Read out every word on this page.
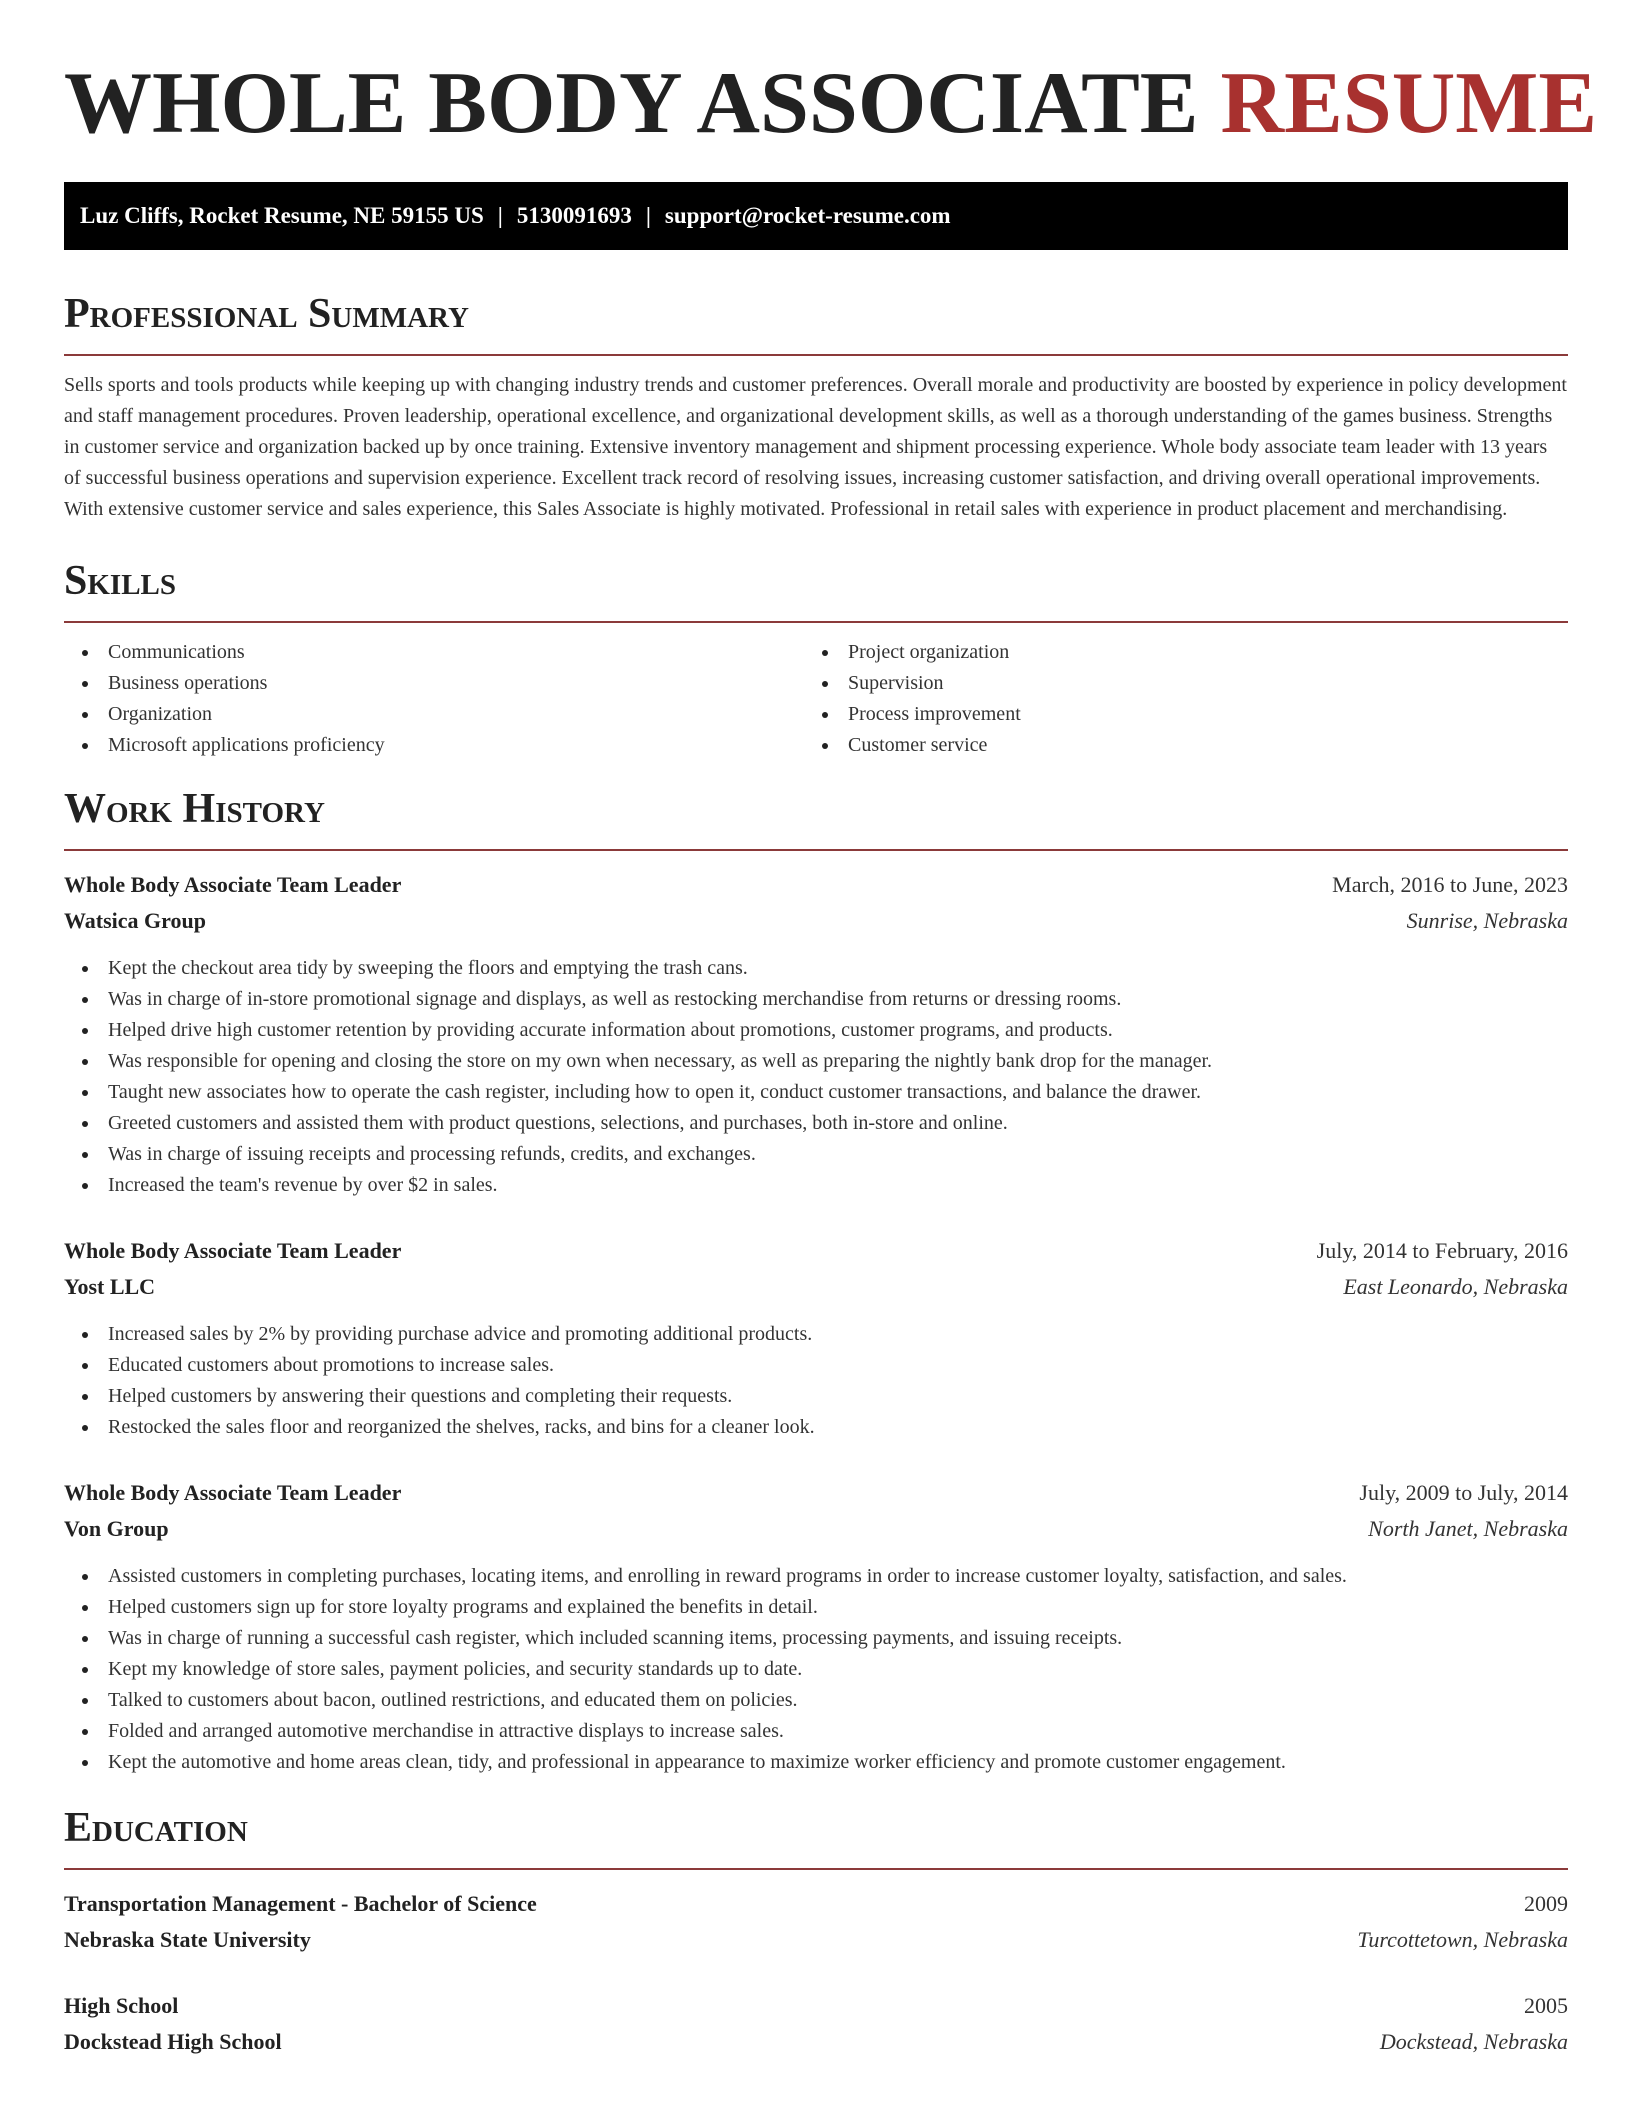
WHOLE BODY ASSOCIATE RESUME
Luz Cliffs, Rocket Resume, NE 59155 US | 5130091693 | support@rocket-resume.com
Professional Summary

Sells sports and tools products while keeping up with changing industry trends and customer preferences. Overall morale and productivity are boosted by experience in policy development and staff management procedures. Proven leadership, operational excellence, and organizational development skills, as well as a thorough understanding of the games business. Strengths in customer service and organization backed up by once training. Extensive inventory management and shipment processing experience. Whole body associate team leader with 13 years of successful business operations and supervision experience. Excellent track record of resolving issues, increasing customer satisfaction, and driving overall operational improvements. With extensive customer service and sales experience, this Sales Associate is highly motivated. Professional in retail sales with experience in product placement and merchandising.

Skills
Communications
Business operations
Organization
Microsoft applications proficiency
Project organization
Supervision
Process improvement
Customer service
Work History
Whole Body Associate Team Leader	March, 2016 to June, 2023
Watsica Group	Sunrise, Nebraska
Kept the checkout area tidy by sweeping the floors and emptying the trash cans.
Was in charge of in-store promotional signage and displays, as well as restocking merchandise from returns or dressing rooms.
Helped drive high customer retention by providing accurate information about promotions, customer programs, and products.
Was responsible for opening and closing the store on my own when necessary, as well as preparing the nightly bank drop for the manager.
Taught new associates how to operate the cash register, including how to open it, conduct customer transactions, and balance the drawer.
Greeted customers and assisted them with product questions, selections, and purchases, both in-store and online.
Was in charge of issuing receipts and processing refunds, credits, and exchanges.
Increased the team's revenue by over $2 in sales.
Whole Body Associate Team Leader	July, 2014 to February, 2016
Yost LLC	East Leonardo, Nebraska
Increased sales by 2% by providing purchase advice and promoting additional products.
Educated customers about promotions to increase sales.
Helped customers by answering their questions and completing their requests.
Restocked the sales floor and reorganized the shelves, racks, and bins for a cleaner look.
Whole Body Associate Team Leader	July, 2009 to July, 2014
Von Group	North Janet, Nebraska
Assisted customers in completing purchases, locating items, and enrolling in reward programs in order to increase customer loyalty, satisfaction, and sales.
Helped customers sign up for store loyalty programs and explained the benefits in detail.
Was in charge of running a successful cash register, which included scanning items, processing payments, and issuing receipts.
Kept my knowledge of store sales, payment policies, and security standards up to date.
Talked to customers about bacon, outlined restrictions, and educated them on policies.
Folded and arranged automotive merchandise in attractive displays to increase sales.
Kept the automotive and home areas clean, tidy, and professional in appearance to maximize worker efficiency and promote customer engagement.
Education
Transportation Management - Bachelor of Science	2009
Nebraska State University	Turcottetown, Nebraska
High School	2005
Dockstead High School	Dockstead, Nebraska
